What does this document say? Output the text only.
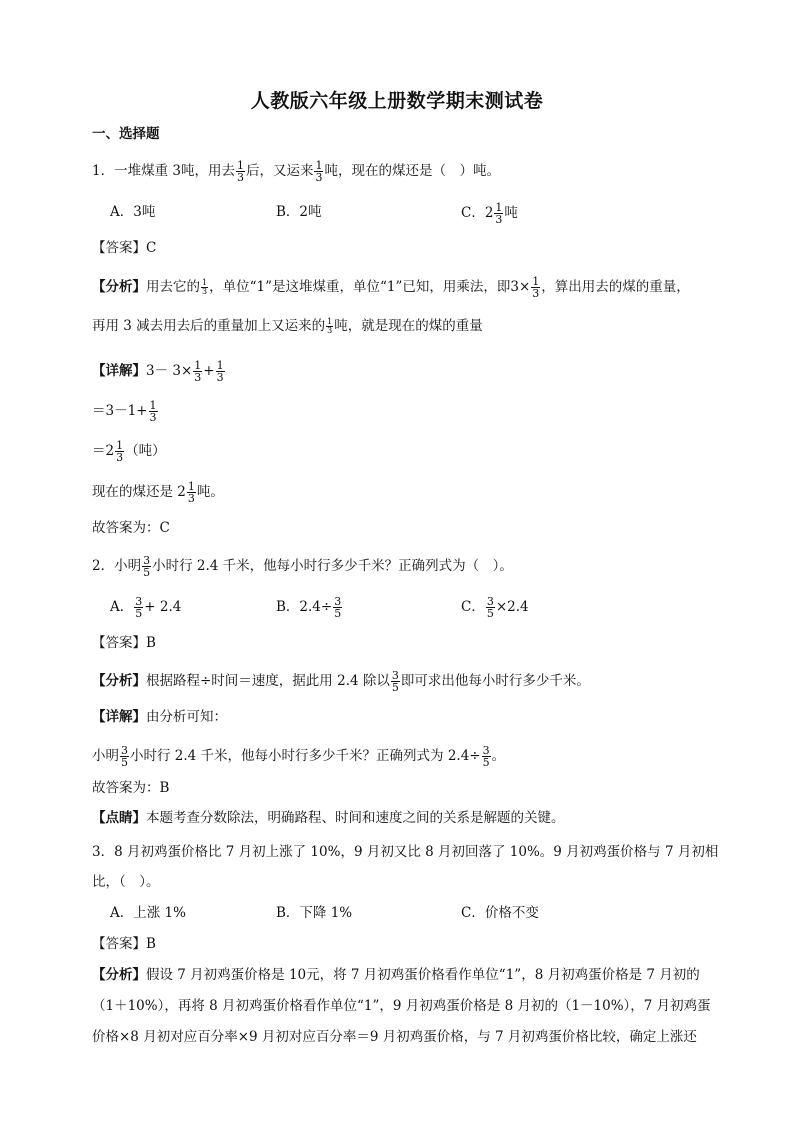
人教版六年级上册数学期末测试卷
一、选择题
1．一堆煤重 3吨，用去 $\frac{1}{3}$ 后，又运来 $\frac{1}{3}$ 吨，现在的煤还是（　）吨。
A．3吨	B．2吨	C．$2 \frac{1}{3}$ 吨
【答案】C
【分析】用去它的 $\frac{1}{3}$ ，单位“1”是这堆煤重，单位“1”已知，用乘法，即$3\times \frac{1}{3}$ ，算出用去的煤的重量，
再用 3 减去用去后的重量加上又运来的 $\frac{1}{3}$ 吨，就是现在的煤的重量
【详解】$3- 3\times \frac{1}{3} + \frac{1}{3}$
$=3-1+ \frac{1}{3}$
$=2 \frac{1}{3}$ （吨）
现在的煤还是 $2 \frac{1}{3}$ 吨。
故答案为：C
2．小明 $\frac{3}{5}$ 小时行 2.4 千米，他每小时行多少千米？正确列式为（　）。
A． $\frac{3}{5} + 2.4$	B．$2.4\div \frac{3}{5}$	C． $\frac{3}{5} \times 2.4$
【答案】B
【分析】根据路程÷时间＝速度，据此用 2.4 除以 $\frac{3}{5}$ 即可求出他每小时行多少千米。
【详解】由分析可知：
小明 $\frac{3}{5}$ 小时行 2.4 千米，他每小时行多少千米？正确列式为 $2.4\div \frac{3}{5}$ 。
故答案为：B
【点睛】本题考查分数除法，明确路程、时间和速度之间的关系是解题的关键。
3．8 月初鸡蛋价格比 7 月初上涨了 10%，9 月初又比 8 月初回落了 10%。9 月初鸡蛋价格与 7 月初相
比，（　）。
A．上涨 1%	B．下降 1%	C．价格不变
【答案】B
【分析】假设 7 月初鸡蛋价格是 10元，将 7 月初鸡蛋价格看作单位“1”，8 月初鸡蛋价格是 7 月初的
（1＋10%），再将 8 月初鸡蛋价格看作单位“1”，9 月初鸡蛋价格是 8 月初的（1－10%），7 月初鸡蛋
价格×8 月初对应百分率×9 月初对应百分率＝9 月初鸡蛋价格，与 7 月初鸡蛋价格比较，确定上涨还
